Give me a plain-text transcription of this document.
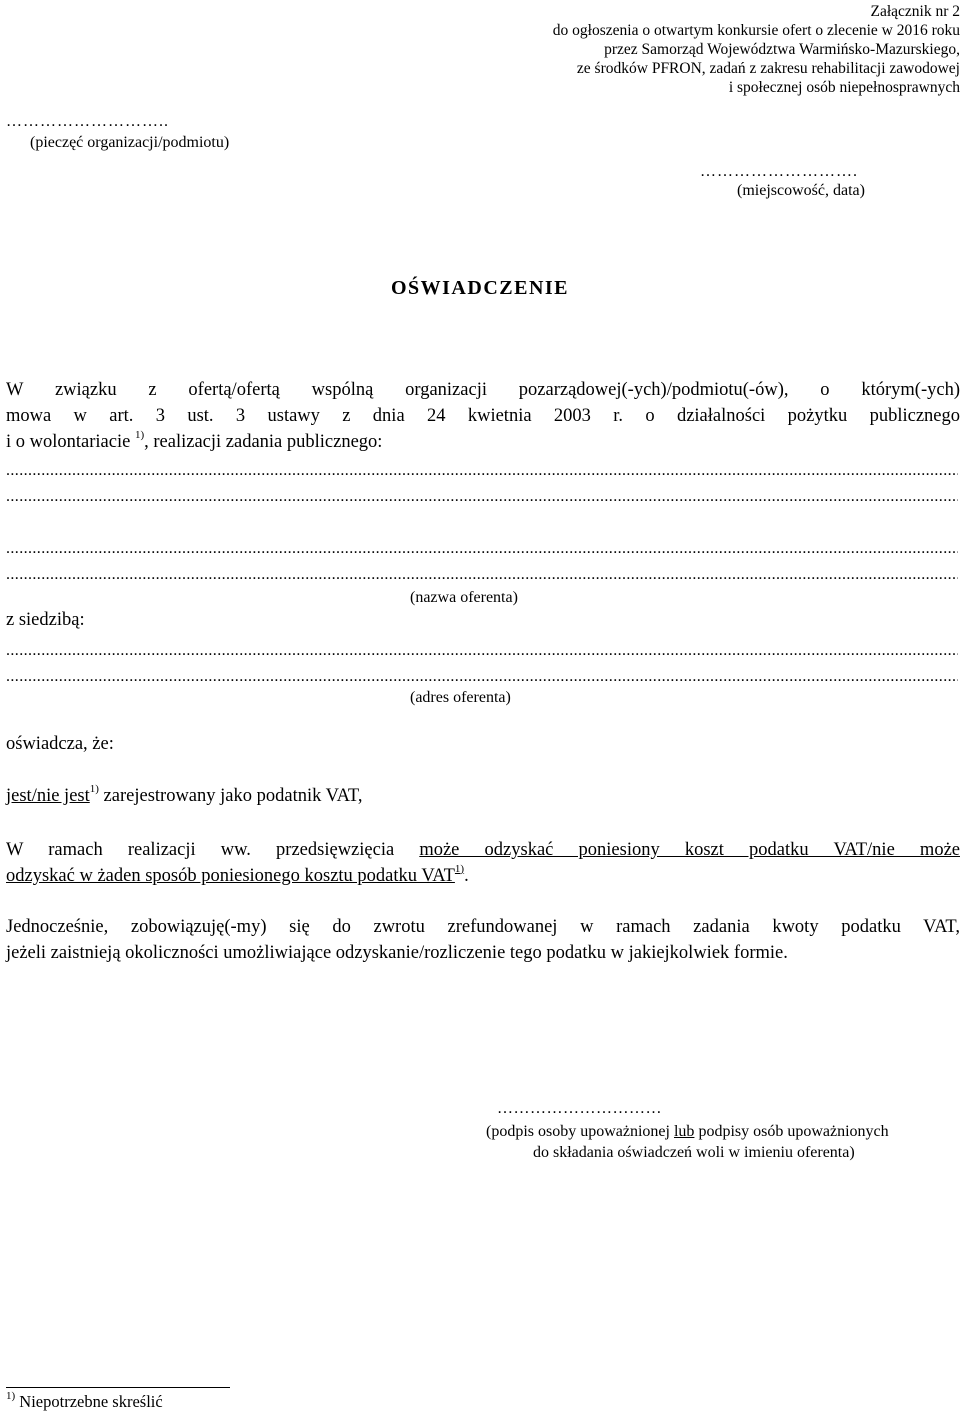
Załącznik nr 2
do ogłoszenia o otwartym konkursie ofert o zlecenie w 2016 roku
przez Samorząd Województwa Warmińsko-Mazurskiego,
ze środków PFRON, zadań z zakresu rehabilitacji zawodowej
i społecznej osób niepełnosprawnych
………………………..
(pieczęć organizacji/podmiotu)
……………………….
(miejscowość, data)
OŚWIADCZENIE
W związku z ofertą/ofertą wspólną organizacji pozarządowej(-ych)/podmiotu(-ów), o którym(-ych)
mowa w art. 3 ust. 3 ustawy z dnia 24 kwietnia 2003 r. o działalności pożytku publicznego
i o wolontariacie $^{1)}$, realizacji zadania publicznego:
.....
.....
.....
.....
(nazwa oferenta)
z siedzibą:
.....
.....
(adres oferenta)
oświadcza, że:
jest/nie jest$^{1)}$ zarejestrowany jako podatnik VAT,
W ramach realizacji ww. przedsięwzięcia może odzyskać poniesiony koszt podatku VAT/nie może
odzyskać w żaden sposób poniesionego kosztu podatku VAT$^{1)}$.
Jednocześnie, zobowiązuję(-my) się do zwrotu zrefundowanej w ramach zadania kwoty podatku VAT,
jeżeli zaistnieją okoliczności umożliwiające odzyskanie/rozliczenie tego podatku w jakiejkolwiek formie.
…………………………
(podpis osoby upoważnionej lub podpisy osób upoważnionych
do składania oświadczeń woli w imieniu oferenta)
$^{1)}$ Niepotrzebne skreślić
